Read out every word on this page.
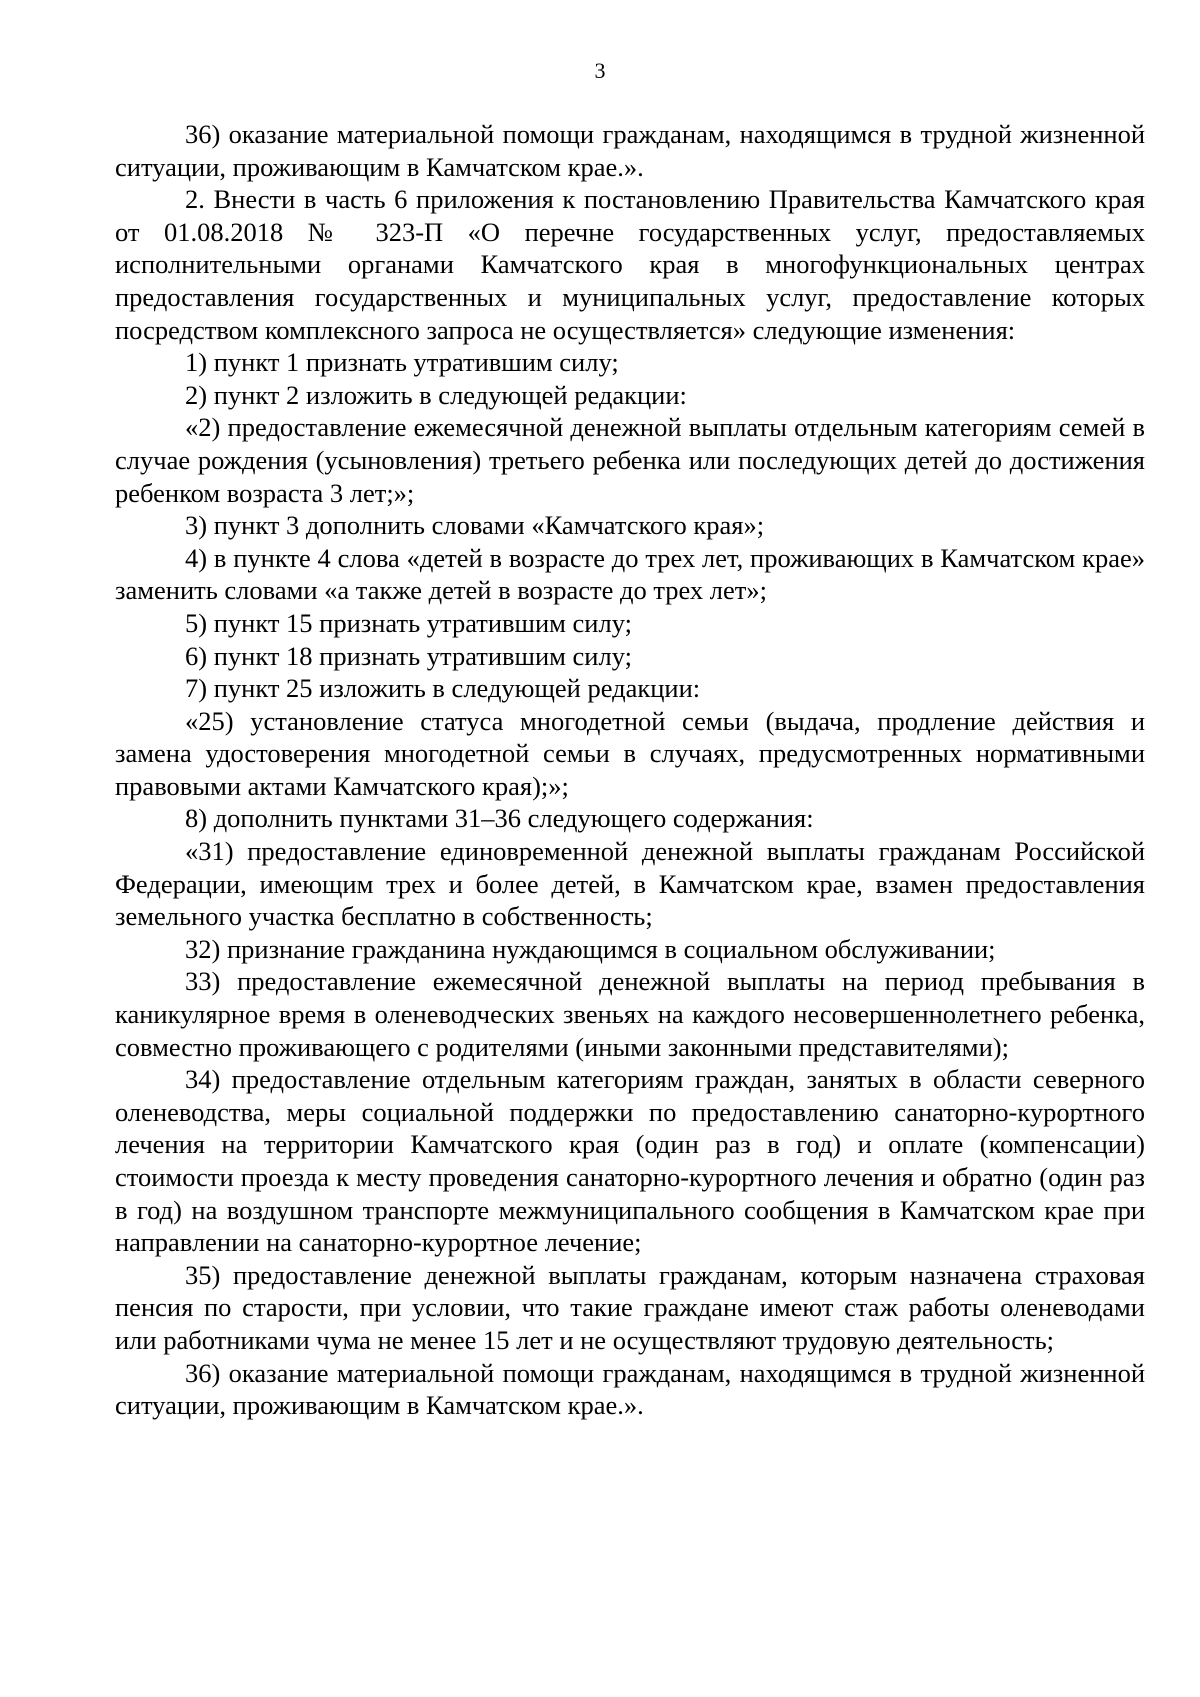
3

36) оказание материальной помощи гражданам, находящимся в трудной жизненной ситуации, проживающим в Камчатском крае.».

2. Внести в часть 6 приложения к постановлению Правительства Камчатского края от 01.08.2018 № 323-П «О перечне государственных услуг, предоставляемых исполнительными органами Камчатского края в многофункциональных центрах предоставления государственных и муниципальных услуг, предоставление которых посредством комплексного запроса не осуществляется» следующие изменения:

1) пункт 1 признать утратившим силу;

2) пункт 2 изложить в следующей редакции:

«2) предоставление ежемесячной денежной выплаты отдельным категориям семей в случае рождения (усыновления) третьего ребенка или последующих детей до достижения ребенком возраста 3 лет;»;

3) пункт 3 дополнить словами «Камчатского края»;

4) в пункте 4 слова «детей в возрасте до трех лет, проживающих в Камчатском крае» заменить словами «а также детей в возрасте до трех лет»;

5) пункт 15 признать утратившим силу;

6) пункт 18 признать утратившим силу;

7) пункт 25 изложить в следующей редакции:

«25) установление статуса многодетной семьи (выдача, продление действия и замена удостоверения многодетной семьи в случаях, предусмотренных нормативными правовыми актами Камчатского края);»;

8) дополнить пунктами 31–36 следующего содержания:

«31) предоставление единовременной денежной выплаты гражданам Российской Федерации, имеющим трех и более детей, в Камчатском крае, взамен предоставления земельного участка бесплатно в собственность;

32) признание гражданина нуждающимся в социальном обслуживании;

33) предоставление ежемесячной денежной выплаты на период пребывания в каникулярное время в оленеводческих звеньях на каждого несовершеннолетнего ребенка, совместно проживающего с родителями (иными законными представителями);

34) предоставление отдельным категориям граждан, занятых в области северного оленеводства, меры социальной поддержки по предоставлению санаторно-курортного лечения на территории Камчатского края (один раз в год) и оплате (компенсации) стоимости проезда к месту проведения санаторно-курортного лечения и обратно (один раз в год) на воздушном транспорте межмуниципального сообщения в Камчатском крае при направлении на санаторно-курортное лечение;

35) предоставление денежной выплаты гражданам, которым назначена страховая пенсия по старости, при условии, что такие граждане имеют стаж работы оленеводами или работниками чума не менее 15 лет и не осуществляют трудовую деятельность;

36) оказание материальной помощи гражданам, находящимся в трудной жизненной ситуации, проживающим в Камчатском крае.».
